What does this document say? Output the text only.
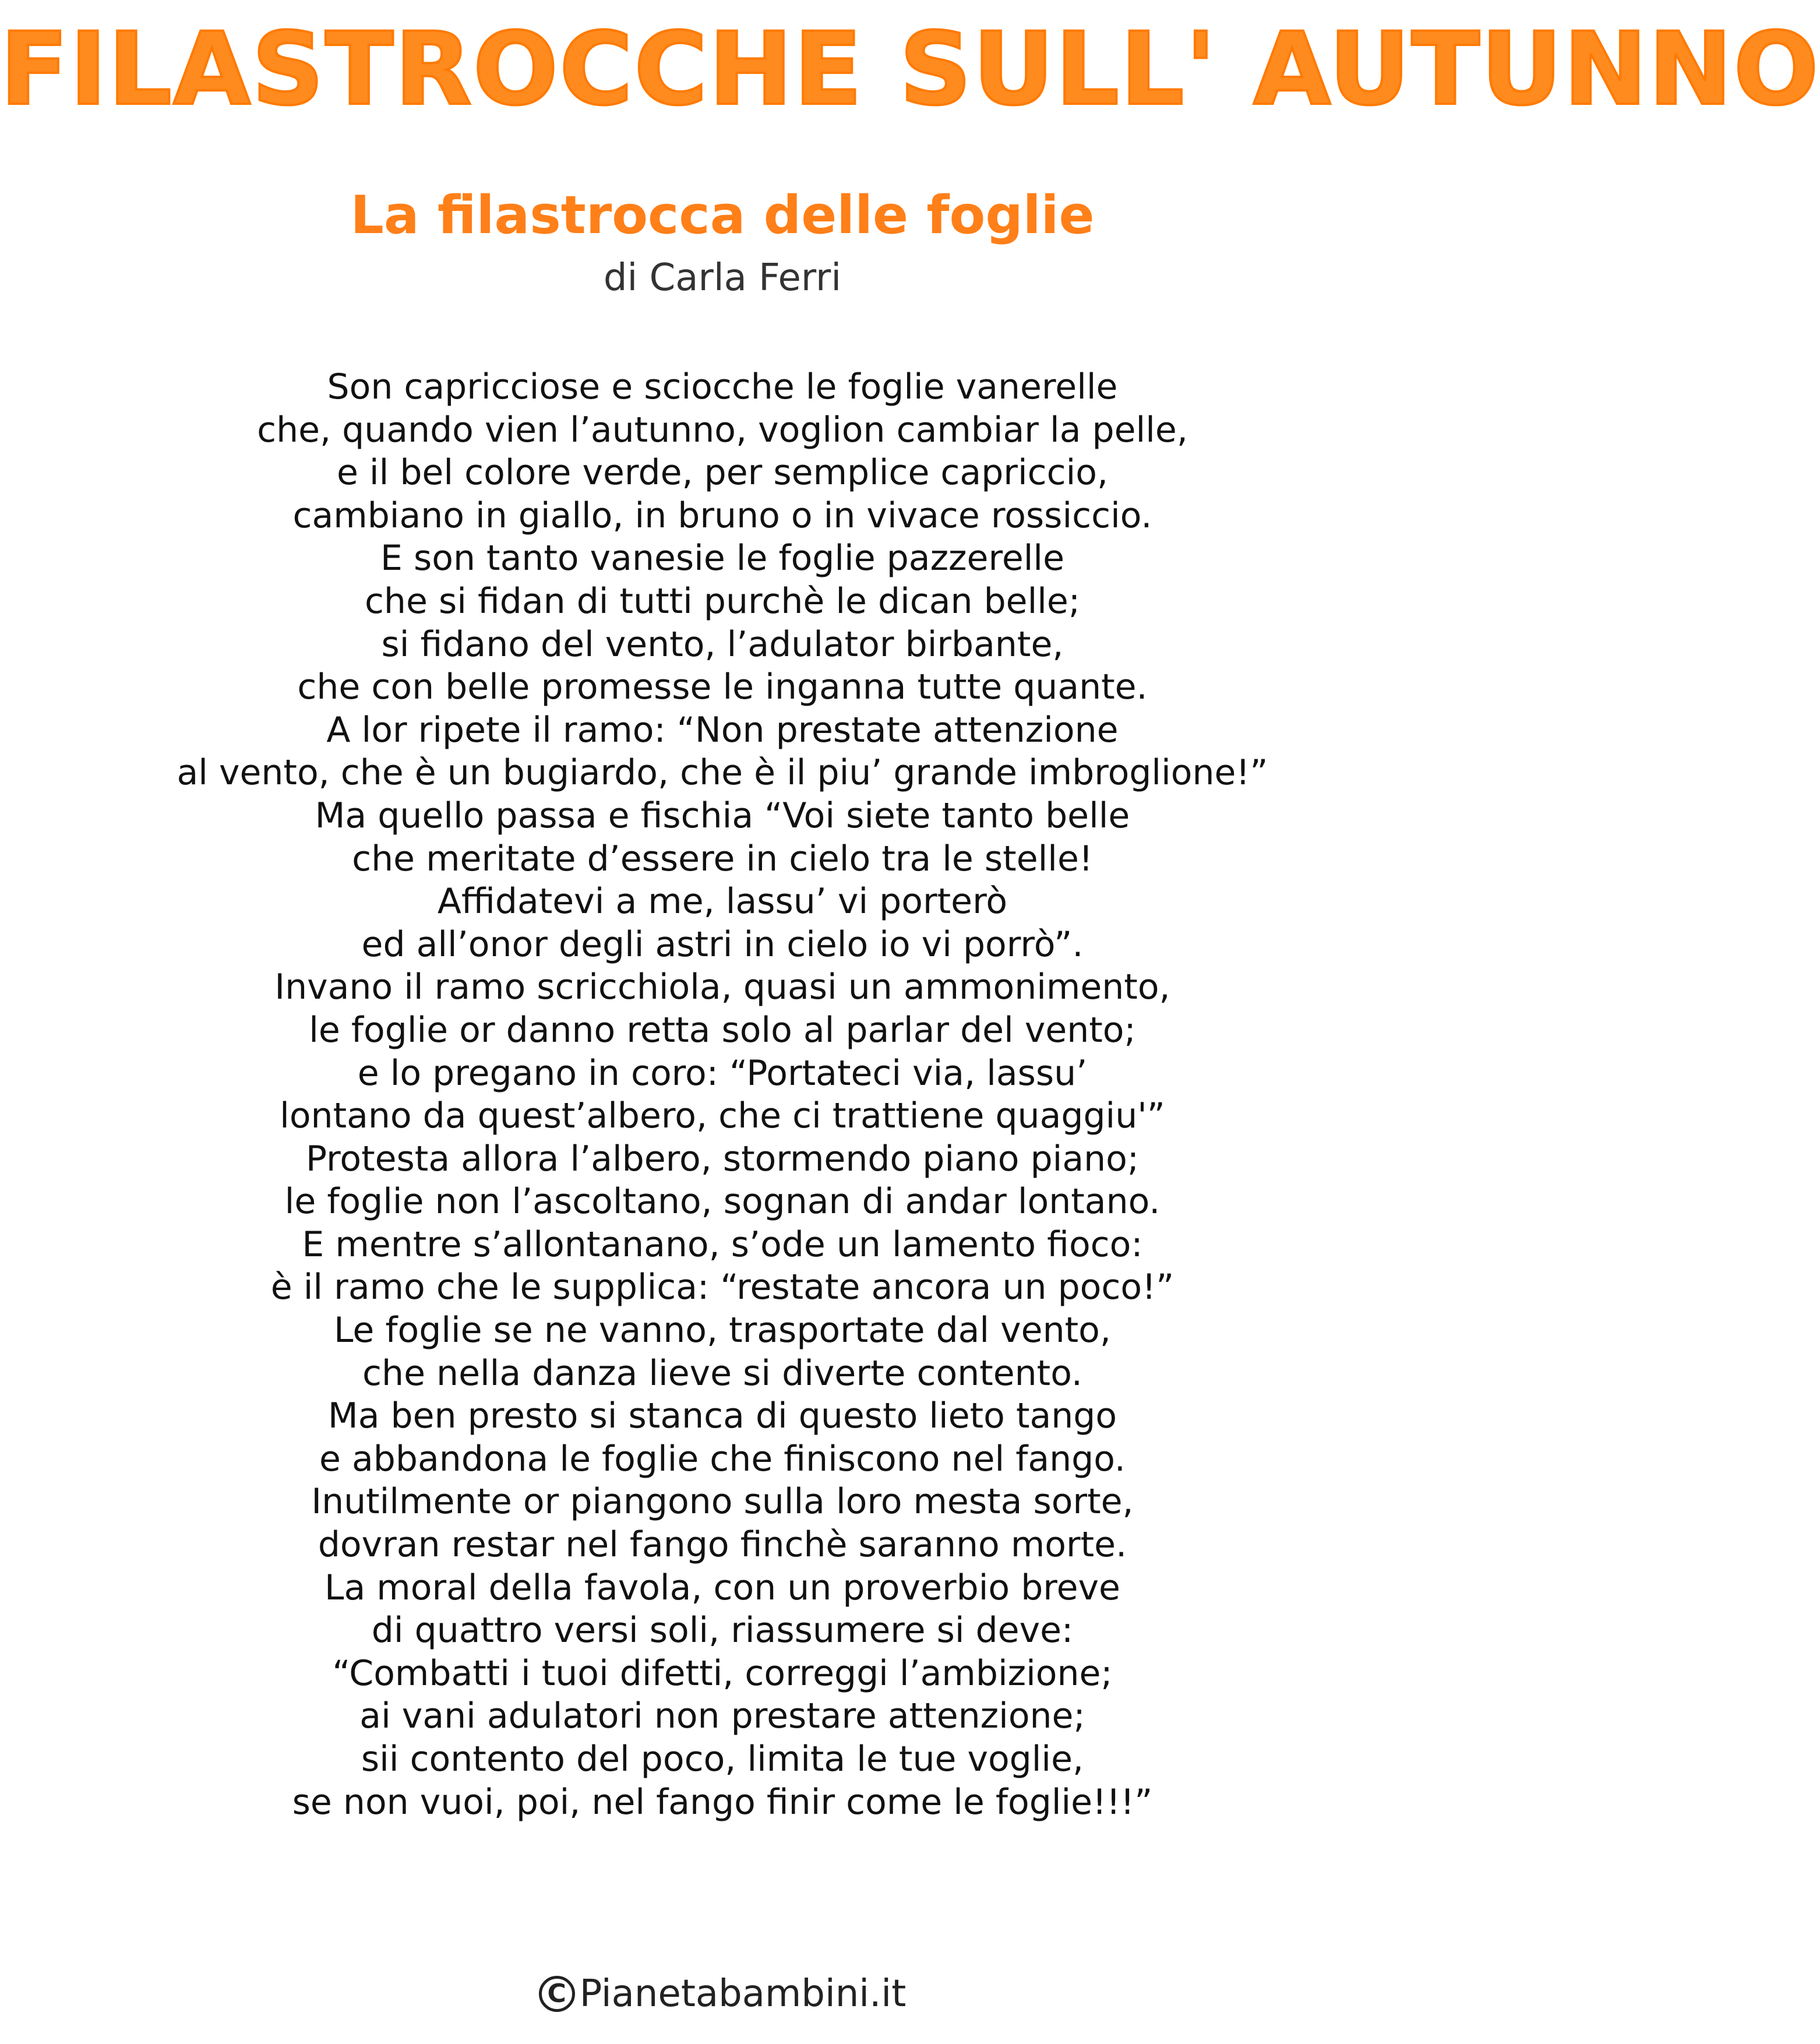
FILASTROCCHE SULL' AUTUNNO
La filastrocca delle foglie
di Carla Ferri
Son capricciose e sciocche le foglie vanerelle
che, quando vien l’autunno, voglion cambiar la pelle,
e il bel colore verde, per semplice capriccio,
cambiano in giallo, in bruno o in vivace rossiccio.
E son tanto vanesie le foglie pazzerelle
che si fidan di tutti purchè le dican belle;
si fidano del vento, l’adulator birbante,
che con belle promesse le inganna tutte quante.
A lor ripete il ramo: “Non prestate attenzione
al vento, che è un bugiardo, che è il piu’ grande imbroglione!”
Ma quello passa e fischia “Voi siete tanto belle
che meritate d’essere in cielo tra le stelle!
Affidatevi a me, lassu’ vi porterò
ed all’onor degli astri in cielo io vi porrò”.
Invano il ramo scricchiola, quasi un ammonimento,
le foglie or danno retta solo al parlar del vento;
e lo pregano in coro: “Portateci via, lassu’
lontano da quest’albero, che ci trattiene quaggiu'”
Protesta allora l’albero, stormendo piano piano;
le foglie non l’ascoltano, sognan di andar lontano.
E mentre s’allontanano, s’ode un lamento fioco:
è il ramo che le supplica: “restate ancora un poco!”
Le foglie se ne vanno, trasportate dal vento,
che nella danza lieve si diverte contento.
Ma ben presto si stanca di questo lieto tango
e abbandona le foglie che finiscono nel fango.
Inutilmente or piangono sulla loro mesta sorte,
dovran restar nel fango finchè saranno morte.
La moral della favola, con un proverbio breve
di quattro versi soli, riassumere si deve:
“Combatti i tuoi difetti, correggi l’ambizione;
ai vani adulatori non prestare attenzione;
sii contento del poco, limita le tue voglie,
se non vuoi, poi, nel fango finir come le foglie!!!”
C Pianetabambini.it
